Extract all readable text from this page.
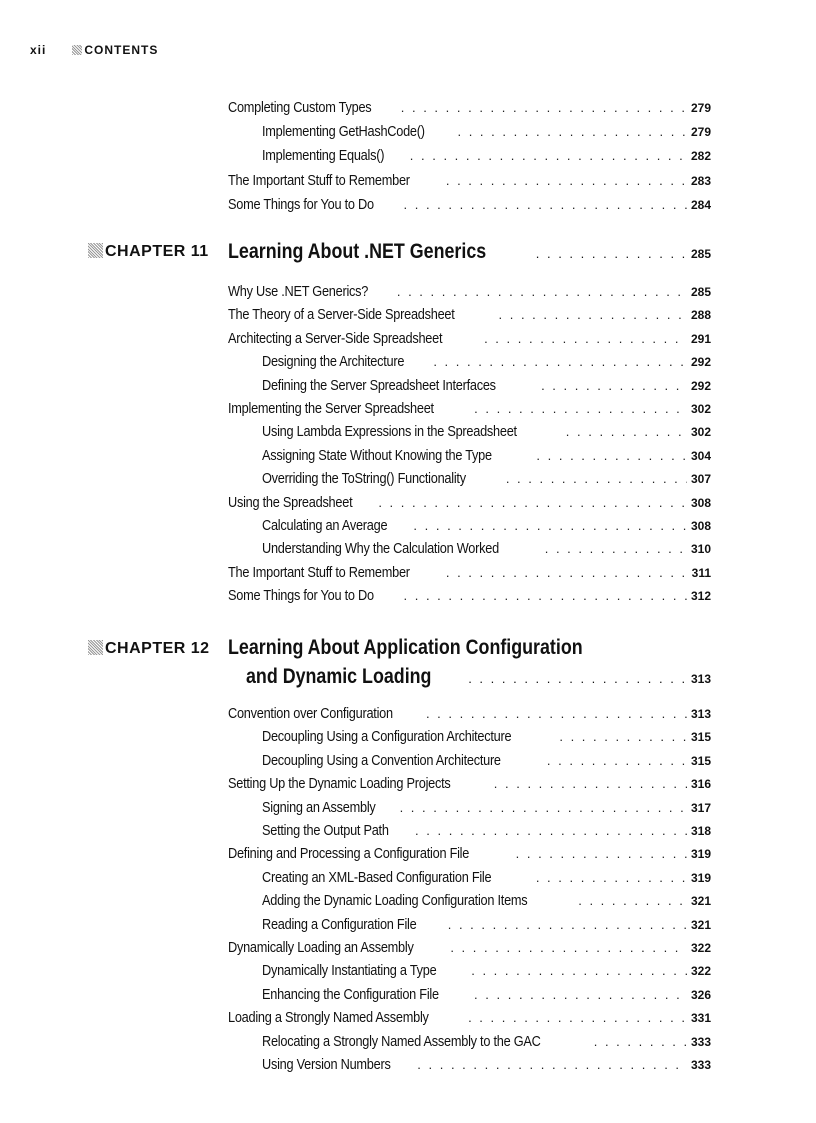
xii	CONTENTS
Completing Custom Types . . .	279
Implementing GetHashCode() . . .	279
Implementing Equals() . . .	282
The Important Stuff to Remember . . .	283
Some Things for You to Do . . .	284
CHAPTER 11 Learning About .NET Generics . . .	285
Why Use .NET Generics? . . .	285
The Theory of a Server-Side Spreadsheet . . .	288
Architecting a Server-Side Spreadsheet . . .	291
Designing the Architecture . . .	292
Defining the Server Spreadsheet Interfaces . . .	292
Implementing the Server Spreadsheet . . .	302
Using Lambda Expressions in the Spreadsheet . . .	302
Assigning State Without Knowing the Type . . .	304
Overriding the ToString() Functionality . . .	307
Using the Spreadsheet . . .	308
Calculating an Average . . .	308
Understanding Why the Calculation Worked . . .	310
The Important Stuff to Remember . . .	311
Some Things for You to Do . . .	312
CHAPTER 12 Learning About Application Configuration
and Dynamic Loading . . .	313
Convention over Configuration . . .	313
Decoupling Using a Configuration Architecture . . .	315
Decoupling Using a Convention Architecture . . .	315
Setting Up the Dynamic Loading Projects . . .	316
Signing an Assembly . . .	317
Setting the Output Path . . .	318
Defining and Processing a Configuration File . . .	319
Creating an XML-Based Configuration File . . .	319
Adding the Dynamic Loading Configuration Items . . .	321
Reading a Configuration File . . .	321
Dynamically Loading an Assembly . . .	322
Dynamically Instantiating a Type . . .	322
Enhancing the Configuration File . . .	326
Loading a Strongly Named Assembly . . .	331
Relocating a Strongly Named Assembly to the GAC . . .	333
Using Version Numbers . . .	333
